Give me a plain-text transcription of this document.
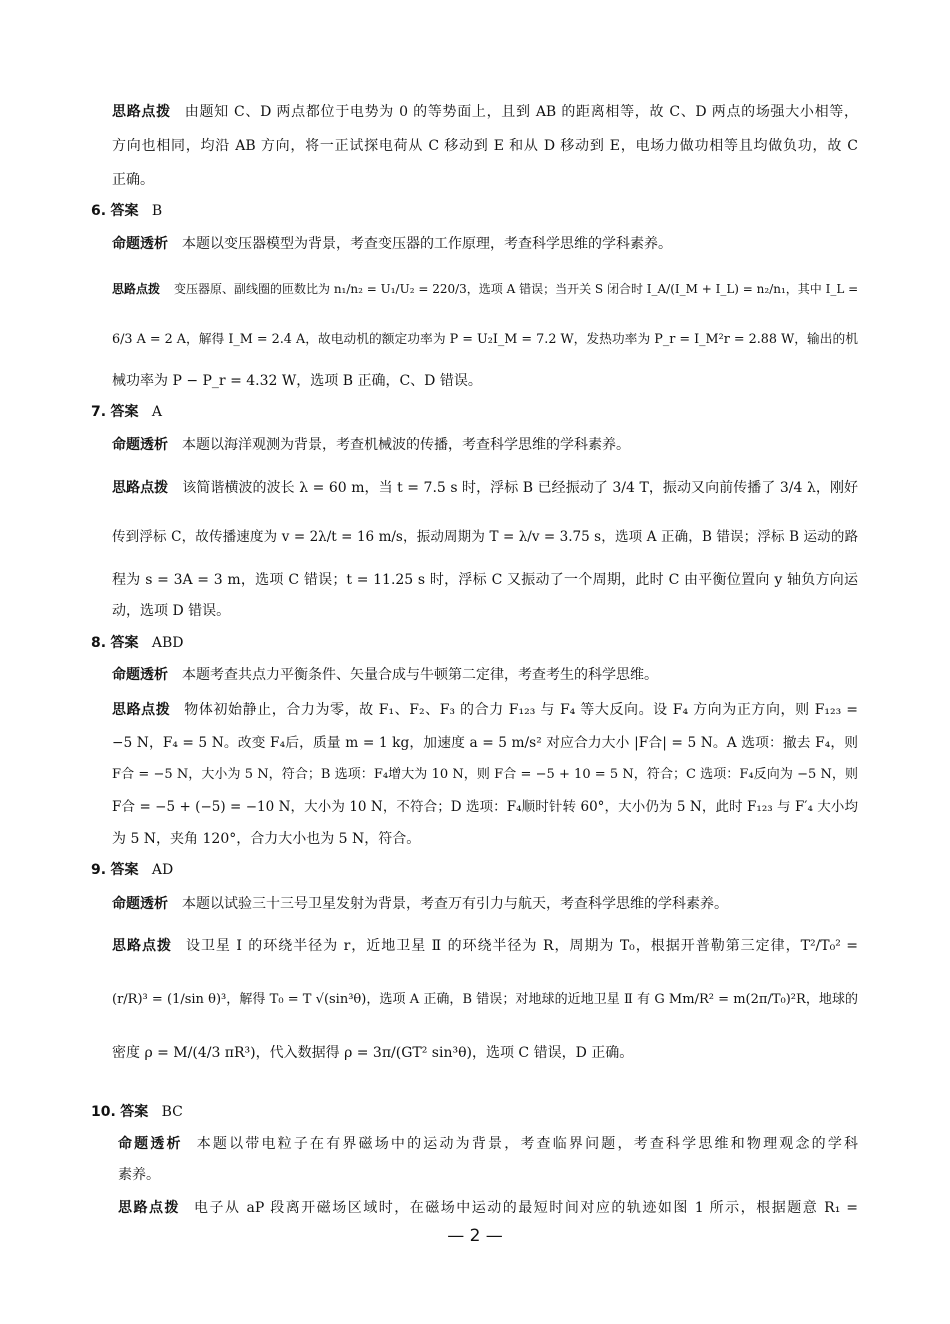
思路点拨 由题知 C、D 两点都位于电势为 0 的等势面上，且到 AB 的距离相等，故 C、D 两点的场强大小相等，
方向也相同，均沿 AB 方向，将一正试探电荷从 C 移动到 E 和从 D 移动到 E，电场力做功相等且均做负功，故 C
正确。
6. 答案 B
命题透析 本题以变压器模型为背景，考查变压器的工作原理，考查科学思维的学科素养。
思路点拨 变压器原、副线圈的匝数比为 n₁/n₂ = U₁/U₂ = 220/3，选项 A 错误；当开关 S 闭合时 I_A/(I_M + I_L) = n₂/n₁，其中 I_L =
6/3 A = 2 A，解得 I_M = 2.4 A，故电动机的额定功率为 P = U₂I_M = 7.2 W，发热功率为 P_r = I_M²r = 2.88 W，输出的机
械功率为 P − P_r = 4.32 W，选项 B 正确，C、D 错误。
7. 答案 A
命题透析 本题以海洋观测为背景，考查机械波的传播，考查科学思维的学科素养。
思路点拨 该简谐横波的波长 λ = 60 m，当 t = 7.5 s 时，浮标 B 已经振动了 3/4 T，振动又向前传播了 3/4 λ，刚好
传到浮标 C，故传播速度为 v = 2λ/t = 16 m/s，振动周期为 T = λ/v = 3.75 s，选项 A 正确，B 错误；浮标 B 运动的路
程为 s = 3A = 3 m，选项 C 错误；t = 11.25 s 时，浮标 C 又振动了一个周期，此时 C 由平衡位置向 y 轴负方向运
动，选项 D 错误。
8. 答案 ABD
命题透析 本题考查共点力平衡条件、矢量合成与牛顿第二定律，考查考生的科学思维。
思路点拨 物体初始静止，合力为零，故 F₁、F₂、F₃ 的合力 F₁₂₃ 与 F₄ 等大反向。设 F₄ 方向为正方向，则 F₁₂₃ =
−5 N，F₄ = 5 N。改变 F₄后，质量 m = 1 kg，加速度 a = 5 m/s² 对应合力大小 |F合| = 5 N。A 选项：撤去 F₄，则
F合 = −5 N，大小为 5 N，符合；B 选项：F₄增大为 10 N，则 F合 = −5 + 10 = 5 N，符合；C 选项：F₄反向为 −5 N，则
F合 = −5 + (−5) = −10 N，大小为 10 N，不符合；D 选项：F₄顺时针转 60°，大小仍为 5 N，此时 F₁₂₃ 与 F′₄ 大小均
为 5 N，夹角 120°，合力大小也为 5 N，符合。
9. 答案 AD
命题透析 本题以试验三十三号卫星发射为背景，考查万有引力与航天，考查科学思维的学科素养。
思路点拨 设卫星 Ⅰ 的环绕半径为 r，近地卫星 Ⅱ 的环绕半径为 R，周期为 T₀，根据开普勒第三定律，T²/T₀² =
(r/R)³ = (1/sin θ)³，解得 T₀ = T √(sin³θ)，选项 A 正确，B 错误；对地球的近地卫星 Ⅱ 有 G Mm/R² = m(2π/T₀)²R，地球的
密度 ρ = M/(4/3 πR³)，代入数据得 ρ = 3π/(GT² sin³θ)，选项 C 错误，D 正确。
10. 答案 BC
命题透析 本题以带电粒子在有界磁场中的运动为背景，考查临界问题，考查科学思维和物理观念的学科
素养。
思路点拨 电子从 aP 段离开磁场区域时，在磁场中运动的最短时间对应的轨迹如图 1 所示，根据题意 R₁ =
— 2 —
